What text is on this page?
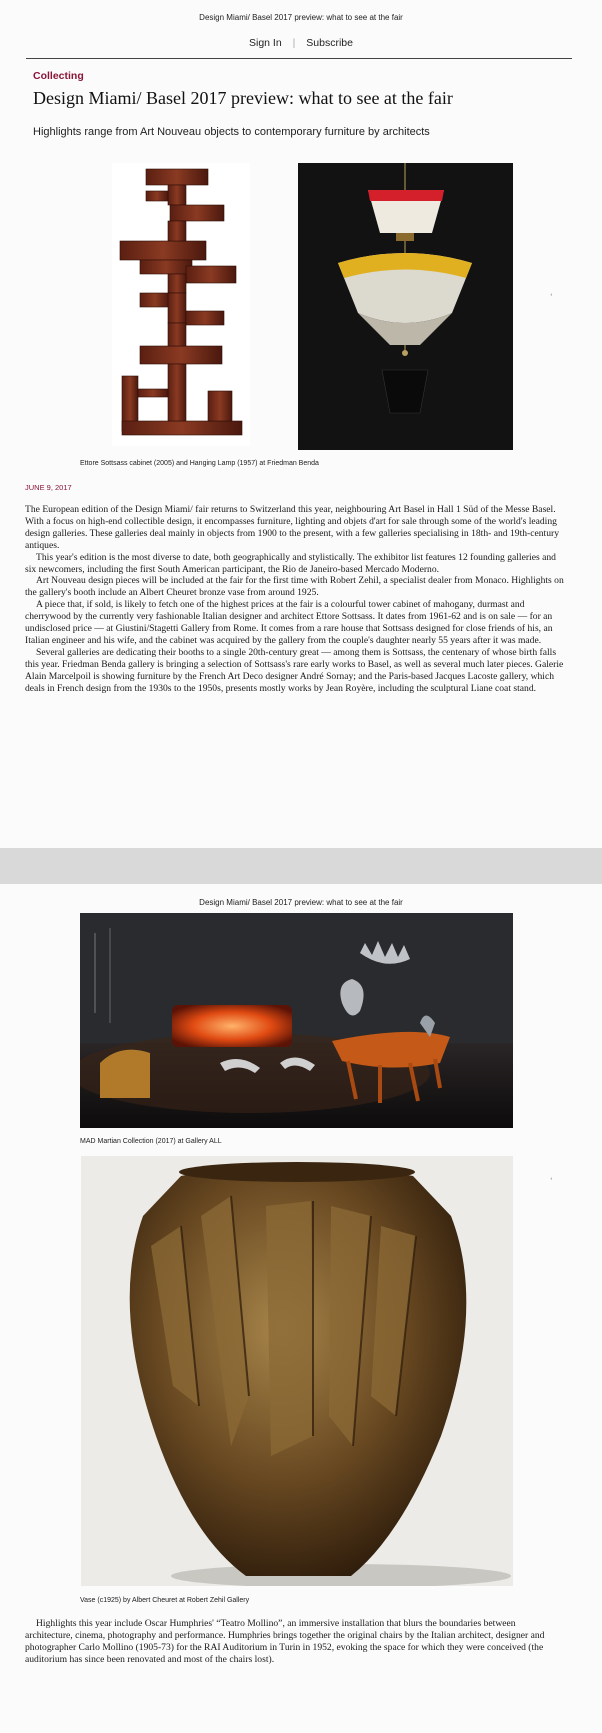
Design Miami/ Basel 2017 preview: what to see at the fair
Sign In | Subscribe
Collecting
Design Miami/ Basel 2017 preview: what to see at the fair
Highlights range from Art Nouveau objects to contemporary furniture by architects
Ettore Sottsass cabinet (2005) and Hanging Lamp (1957) at Friedman Benda
JUNE 9, 2017

The European edition of the Design Miami/ fair returns to Switzerland this year, neighbouring Art Basel in Hall 1 Süd of the Messe Basel. With a focus on high-end collectible design, it encompasses furniture, lighting and objets d'art for sale through some of the world's leading design galleries. These galleries deal mainly in objects from 1900 to the present, with a few galleries specialising in 18th- and 19th-century antiques.

This year's edition is the most diverse to date, both geographically and stylistically. The exhibitor list features 12 founding galleries and six newcomers, including the first South American participant, the Rio de Janeiro-based Mercado Moderno.

Art Nouveau design pieces will be included at the fair for the first time with Robert Zehil, a specialist dealer from Monaco. Highlights on the gallery's booth include an Albert Cheuret bronze vase from around 1925.

A piece that, if sold, is likely to fetch one of the highest prices at the fair is a colourful tower cabinet of mahogany, durmast and cherrywood by the currently very fashionable Italian designer and architect Ettore Sottsass. It dates from 1961-62 and is on sale — for an undisclosed price — at Giustini/Stagetti Gallery from Rome. It comes from a rare house that Sottsass designed for close friends of his, an Italian engineer and his wife, and the cabinet was acquired by the gallery from the couple's daughter nearly 55 years after it was made.

Several galleries are dedicating their booths to a single 20th-century great — among them is Sottsass, the centenary of whose birth falls this year. Friedman Benda gallery is bringing a selection of Sottsass's rare early works to Basel, as well as several much later pieces. Galerie Alain Marcelpoil is showing furniture by the French Art Deco designer André Sornay; and the Paris-based Jacques Lacoste gallery, which deals in French design from the 1930s to the 1950s, presents mostly works by Jean Royère, including the sculptural Liane coat stand.

‘
Design Miami/ Basel 2017 preview: what to see at the fair
MAD Martian Collection (2017) at Gallery ALL
Vase (c1925) by Albert Cheuret at Robert Zehil Gallery

Highlights this year include Oscar Humphries' “Teatro Mollino”, an immersive installation that blurs the boundaries between architecture, cinema, photography and performance. Humphries brings together the original chairs by the Italian architect, designer and photographer Carlo Mollino (1905-73) for the RAI Auditorium in Turin in 1952, evoking the space for which they were conceived (the auditorium has since been renovated and most of the chairs lost).

‘
